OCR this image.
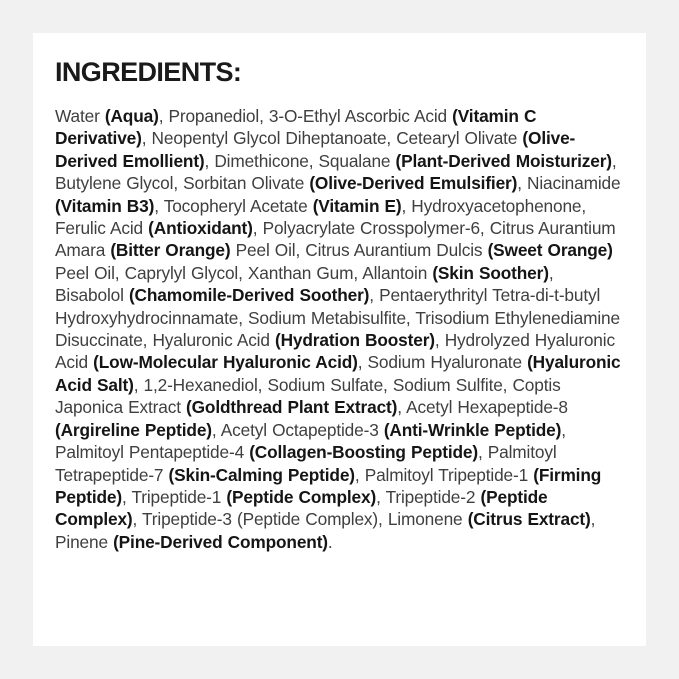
INGREDIENTS:

Water (Aqua), Propanediol, 3-O-Ethyl Ascorbic Acid (Vitamin C Derivative), Neopentyl Glycol Diheptanoate, Cetearyl Olivate (Olive-Derived Emollient), Dimethicone, Squalane (Plant-Derived Moisturizer), Butylene Glycol, Sorbitan Olivate (Olive-Derived Emulsifier), Niacinamide (Vitamin B3), Tocopheryl Acetate (Vitamin E), Hydroxyacetophenone, Ferulic Acid (Antioxidant), Polyacrylate Crosspolymer-6, Citrus Aurantium Amara (Bitter Orange) Peel Oil, Citrus Aurantium Dulcis (Sweet Orange) Peel Oil, Caprylyl Glycol, Xanthan Gum, Allantoin (Skin Soother), Bisabolol (Chamomile-Derived Soother), Pentaerythrityl Tetra-di-t-butyl Hydroxyhydrocinnamate, Sodium Metabisulfite, Trisodium Ethylenediamine Disuccinate, Hyaluronic Acid (Hydration Booster), Hydrolyzed Hyaluronic Acid (Low-Molecular Hyaluronic Acid), Sodium Hyaluronate (Hyaluronic Acid Salt), 1,2-Hexanediol, Sodium Sulfate, Sodium Sulfite, Coptis Japonica Extract (Goldthread Plant Extract), Acetyl Hexapeptide-8 (Argireline Peptide), Acetyl Octapeptide-3 (Anti-Wrinkle Peptide), Palmitoyl Pentapeptide-4 (Collagen-Boosting Peptide), Palmitoyl Tetrapeptide-7 (Skin-Calming Peptide), Palmitoyl Tripeptide-1 (Firming Peptide), Tripeptide-1 (Peptide Complex), Tripeptide-2 (Peptide Complex), Tripeptide-3 (Peptide Complex), Limonene (Citrus Extract), Pinene (Pine-Derived Component).
